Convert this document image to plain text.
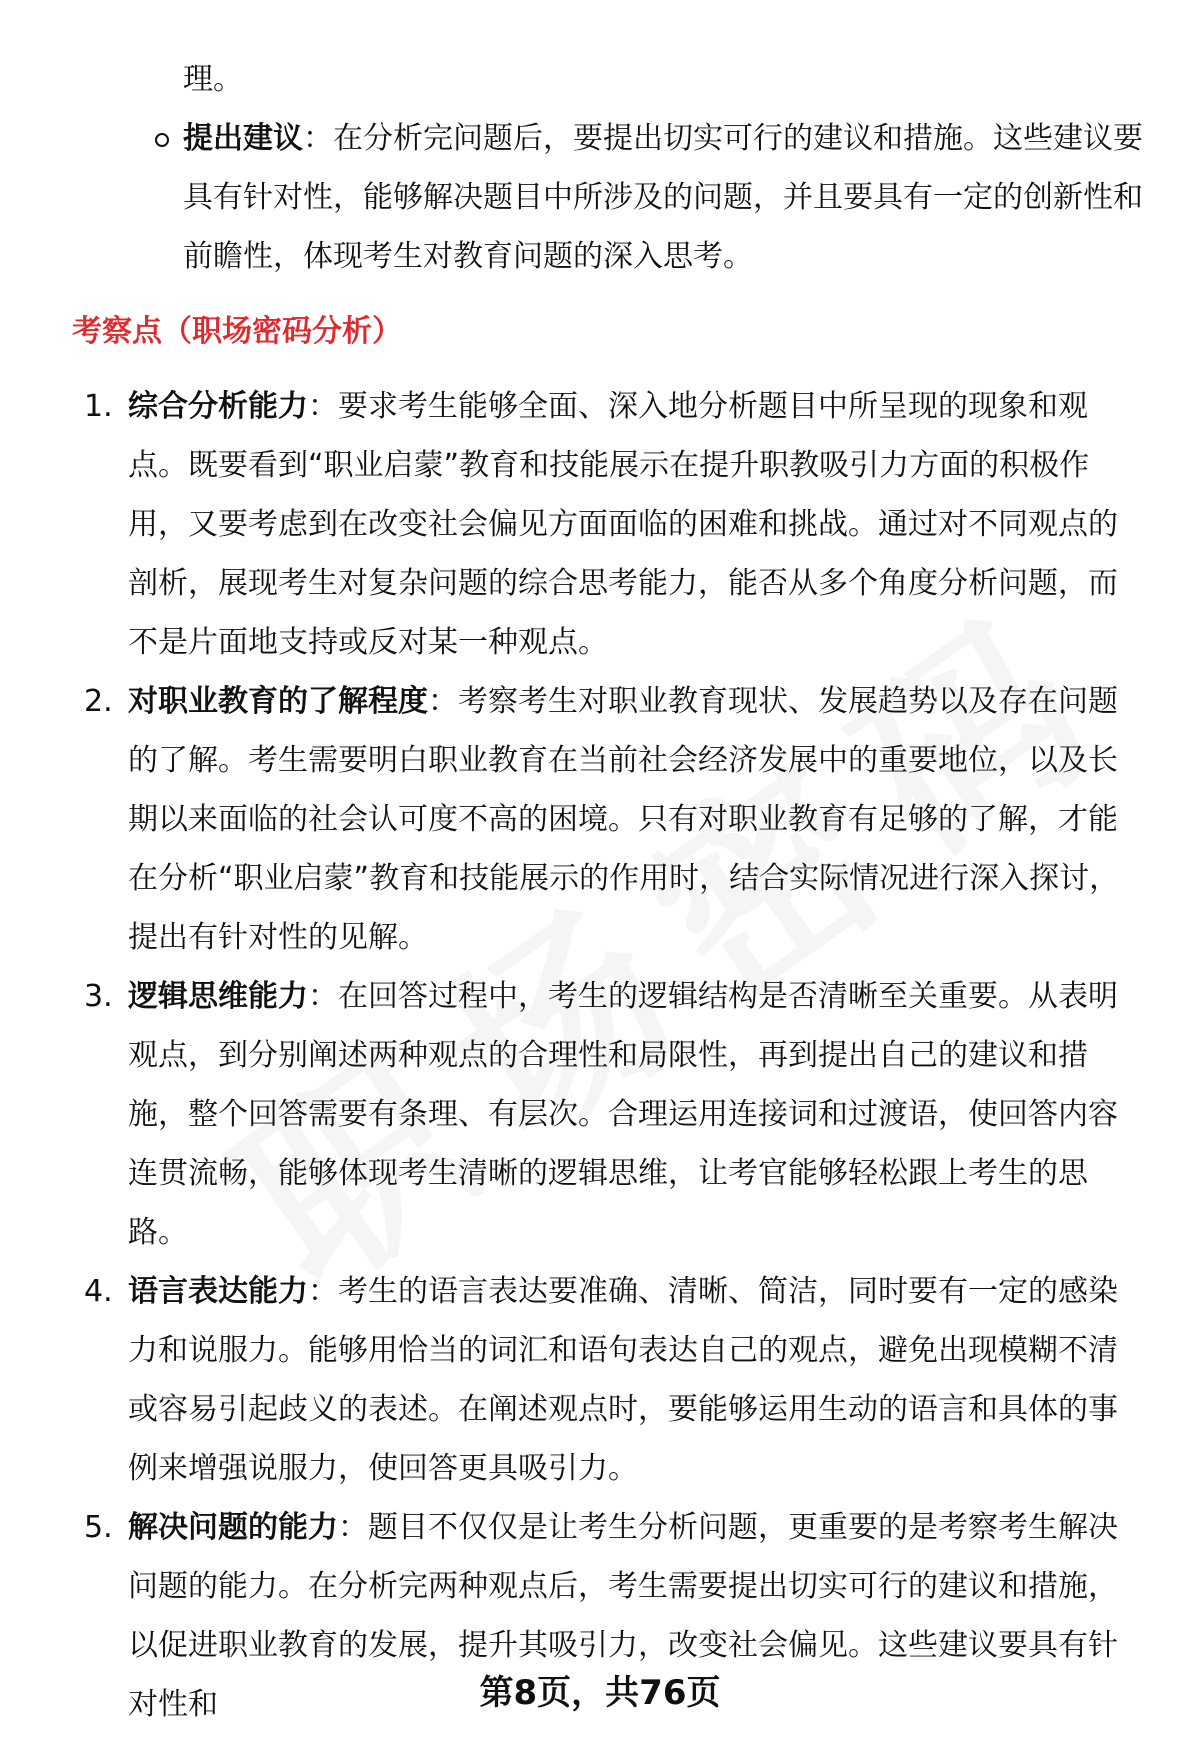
理。
提出建议：在分析完问题后，要提出切实可行的建议和措施。这些建议要具有针对性，能够解决题目中所涉及的问题，并且要具有一定的创新性和前瞻性，体现考生对教育问题的深入思考。
考察点（职场密码分析）
1. 综合分析能力：要求考生能够全面、深入地分析题目中所呈现的现象和观点。既要看到“职业启蒙”教育和技能展示在提升职教吸引力方面的积极作用，又要考虑到在改变社会偏见方面面临的困难和挑战。通过对不同观点的剖析，展现考生对复杂问题的综合思考能力，能否从多个角度分析问题，而不是片面地支持或反对某一种观点。
2. 对职业教育的了解程度：考察考生对职业教育现状、发展趋势以及存在问题的了解。考生需要明白职业教育在当前社会经济发展中的重要地位，以及长期以来面临的社会认可度不高的困境。只有对职业教育有足够的了解，才能在分析“职业启蒙”教育和技能展示的作用时，结合实际情况进行深入探讨，提出有针对性的见解。
3. 逻辑思维能力：在回答过程中，考生的逻辑结构是否清晰至关重要。从表明观点，到分别阐述两种观点的合理性和局限性，再到提出自己的建议和措施，整个回答需要有条理、有层次。合理运用连接词和过渡语，使回答内容连贯流畅，能够体现考生清晰的逻辑思维，让考官能够轻松跟上考生的思路。
4. 语言表达能力：考生的语言表达要准确、清晰、简洁，同时要有一定的感染力和说服力。能够用恰当的词汇和语句表达自己的观点，避免出现模糊不清或容易引起歧义的表述。在阐述观点时，要能够运用生动的语言和具体的事例来增强说服力，使回答更具吸引力。
5. 解决问题的能力：题目不仅仅是让考生分析问题，更重要的是考察考生解决问题的能力。在分析完两种观点后，考生需要提出切实可行的建议和措施，以促进职业教育的发展，提升其吸引力，改变社会偏见。这些建议要具有针对性和	第8页，共76页
